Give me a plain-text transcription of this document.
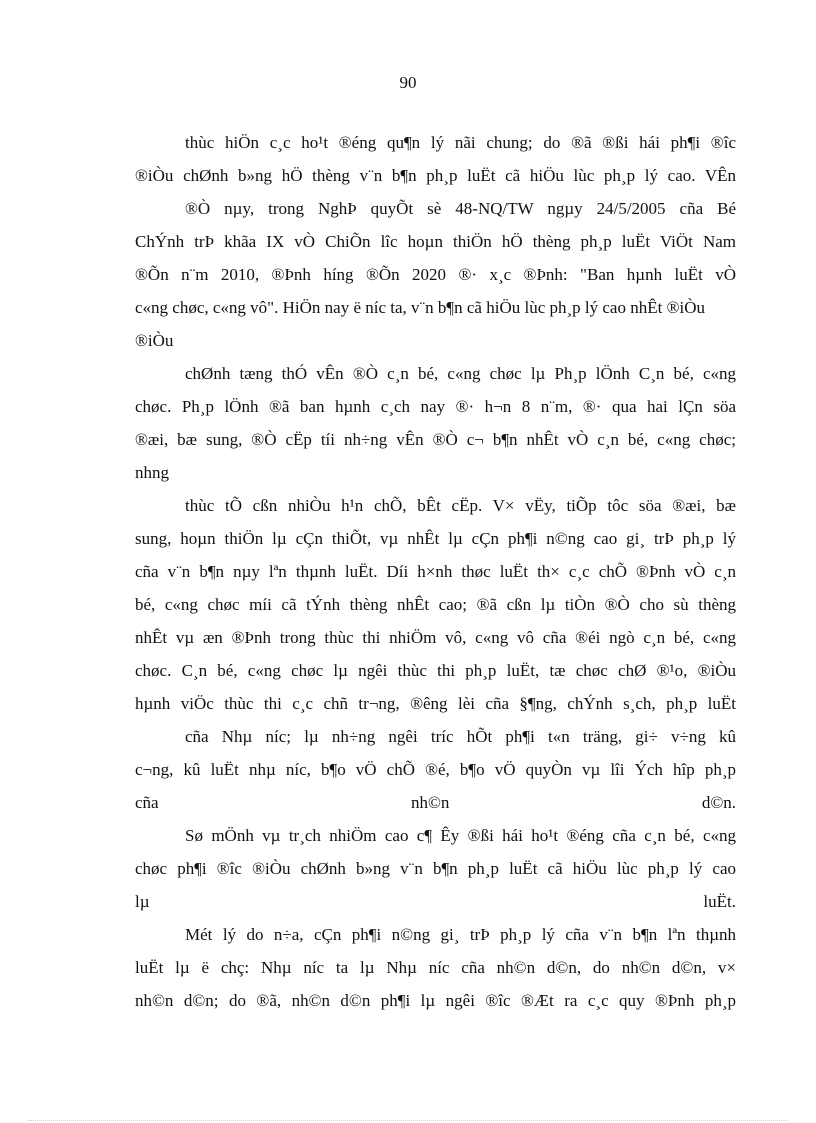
90
thùc hiÖn c¸c ho¹t ®éng qu¶n lý nãi chung; do ®ã ®ßi hái ph¶i ®îc
®iÒu chØnh b»ng hÖ thèng v¨n b¶n ph¸p luËt cã hiÖu lùc ph¸p lý cao. VÊn
®Ò nµy, trong NghÞ quyÕt sè 48-NQ/TW ngµy 24/5/2005 cña Bé
ChÝnh trÞ khãa IX vÒ ChiÕn lîc hoµn thiÖn hÖ thèng ph¸p luËt ViÖt Nam
®Õn n¨m 2010, ®Þnh híng ®Õn 2020 ®· x¸c ®Þnh: "Ban hµnh luËt vÒ
c«ng chøc, c«ng vô". HiÖn nay ë níc ta, v¨n b¶n cã hiÖu lùc ph¸p lý cao nhÊt ®iÒu
®iÒu
chØnh tæng thÓ vÊn ®Ò c¸n bé, c«ng chøc lµ Ph¸p lÖnh C¸n bé, c«ng
chøc. Ph¸p lÖnh ®ã ban hµnh c¸ch nay ®· h¬n 8 n¨m, ®· qua hai lÇn söa
®æi, bæ sung, ®Ò cËp tíi nh÷ng vÊn ®Ò c¬ b¶n nhÊt vÒ c¸n bé, c«ng chøc;
nhng
thùc tÕ cßn nhiÒu h¹n chÕ, bÊt cËp. V× vËy, tiÕp tôc söa ®æi, bæ
sung, hoµn thiÖn lµ cÇn thiÕt, vµ nhÊt lµ cÇn ph¶i n©ng cao gi¸ trÞ ph¸p lý
cña v¨n b¶n nµy lªn thµnh luËt. Díi h×nh thøc luËt th× c¸c chÕ ®Þnh vÒ c¸n
bé, c«ng chøc míi cã tÝnh thèng nhÊt cao; ®ã cßn lµ tiÒn ®Ò cho sù thèng
nhÊt vµ æn ®Þnh trong thùc thi nhiÖm vô, c«ng vô cña ®éi ngò c¸n bé, c«ng
chøc. C¸n bé, c«ng chøc lµ ngêi thùc thi ph¸p luËt, tæ chøc chØ ®¹o, ®iÒu
hµnh viÖc thùc thi c¸c chñ tr¬ng, ®êng lèi cña §¶ng, chÝnh s¸ch, ph¸p luËt
cña Nhµ níc; lµ nh÷ng ngêi tríc hÕt ph¶i t«n träng, gi÷ v÷ng kû
c¬ng, kû luËt nhµ níc, b¶o vÖ chÕ ®é, b¶o vÖ quyÒn vµ lîi Ých hîp ph¸p
cña nh©n d©n.
Sø mÖnh vµ tr¸ch nhiÖm cao c¶ Êy ®ßi hái ho¹t ®éng cña c¸n bé, c«ng
chøc ph¶i ®îc ®iÒu chØnh b»ng v¨n b¶n ph¸p luËt cã hiÖu lùc ph¸p lý cao
lµ luËt.
Mét lý do n÷a, cÇn ph¶i n©ng gi¸ trÞ ph¸p lý cña v¨n b¶n lªn thµnh
luËt lµ ë chç: Nhµ níc ta lµ Nhµ níc cña nh©n d©n, do nh©n d©n, v×
nh©n d©n; do ®ã, nh©n d©n ph¶i lµ ngêi ®îc ®Æt ra c¸c quy ®Þnh ph¸p
